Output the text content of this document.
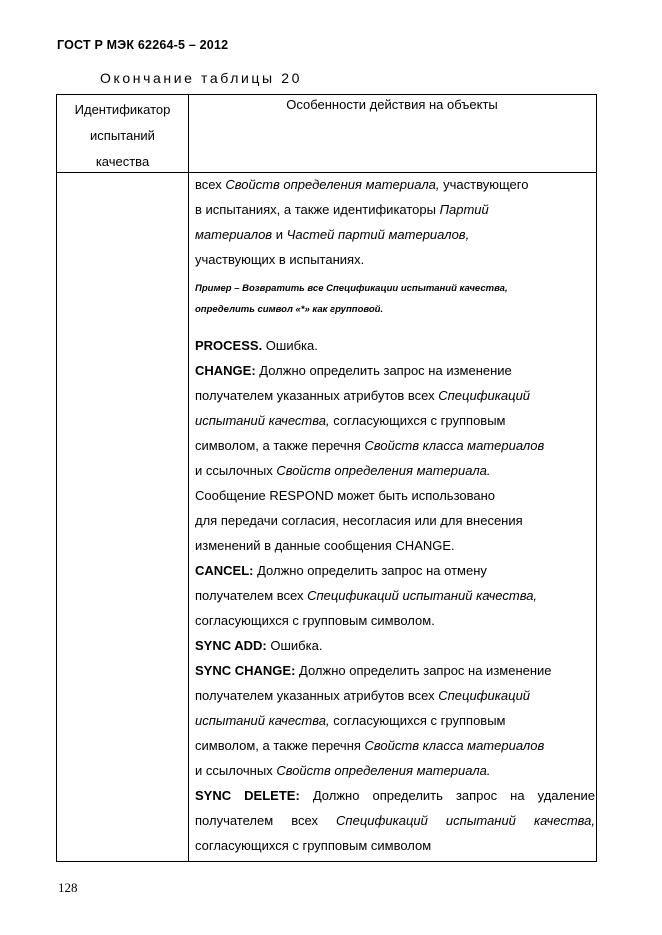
ГОСТ Р МЭК 62264-5 – 2012
Окончание таблицы 20
Идентификатор
испытаний
качества
Особенности действия на объекты
всех Свойств определения материала, участвующего
в испытаниях, а также идентификаторы Партий
материалов и Частей партий материалов,
участвующих в испытаниях.
Пример – Возвратить все Спецификации испытаний качества,
определить символ «*» как групповой.
PROCESS. Ошибка.
CHANGE: Должно определить запрос на изменение
получателем указанных атрибутов всех Спецификаций
испытаний качества, согласующихся с групповым
символом, а также перечня Свойств класса материалов
и ссылочных Свойств определения материала.
Сообщение RESPOND может быть использовано
для передачи согласия, несогласия или для внесения
изменений в данные сообщения CHANGE.
CANCEL: Должно определить запрос на отмену
получателем всех Спецификаций испытаний качества,
согласующихся с групповым символом.
SYNC ADD: Ошибка.
SYNC CHANGE: Должно определить запрос на изменение
получателем указанных атрибутов всех Спецификаций
испытаний качества, согласующихся с групповым
символом, а также перечня Свойств класса материалов
и ссылочных Свойств определения материала.
SYNC DELETE: Должно определить запрос на удаление
получателем всех Спецификаций испытаний качества,
согласующихся с групповым символом
128
